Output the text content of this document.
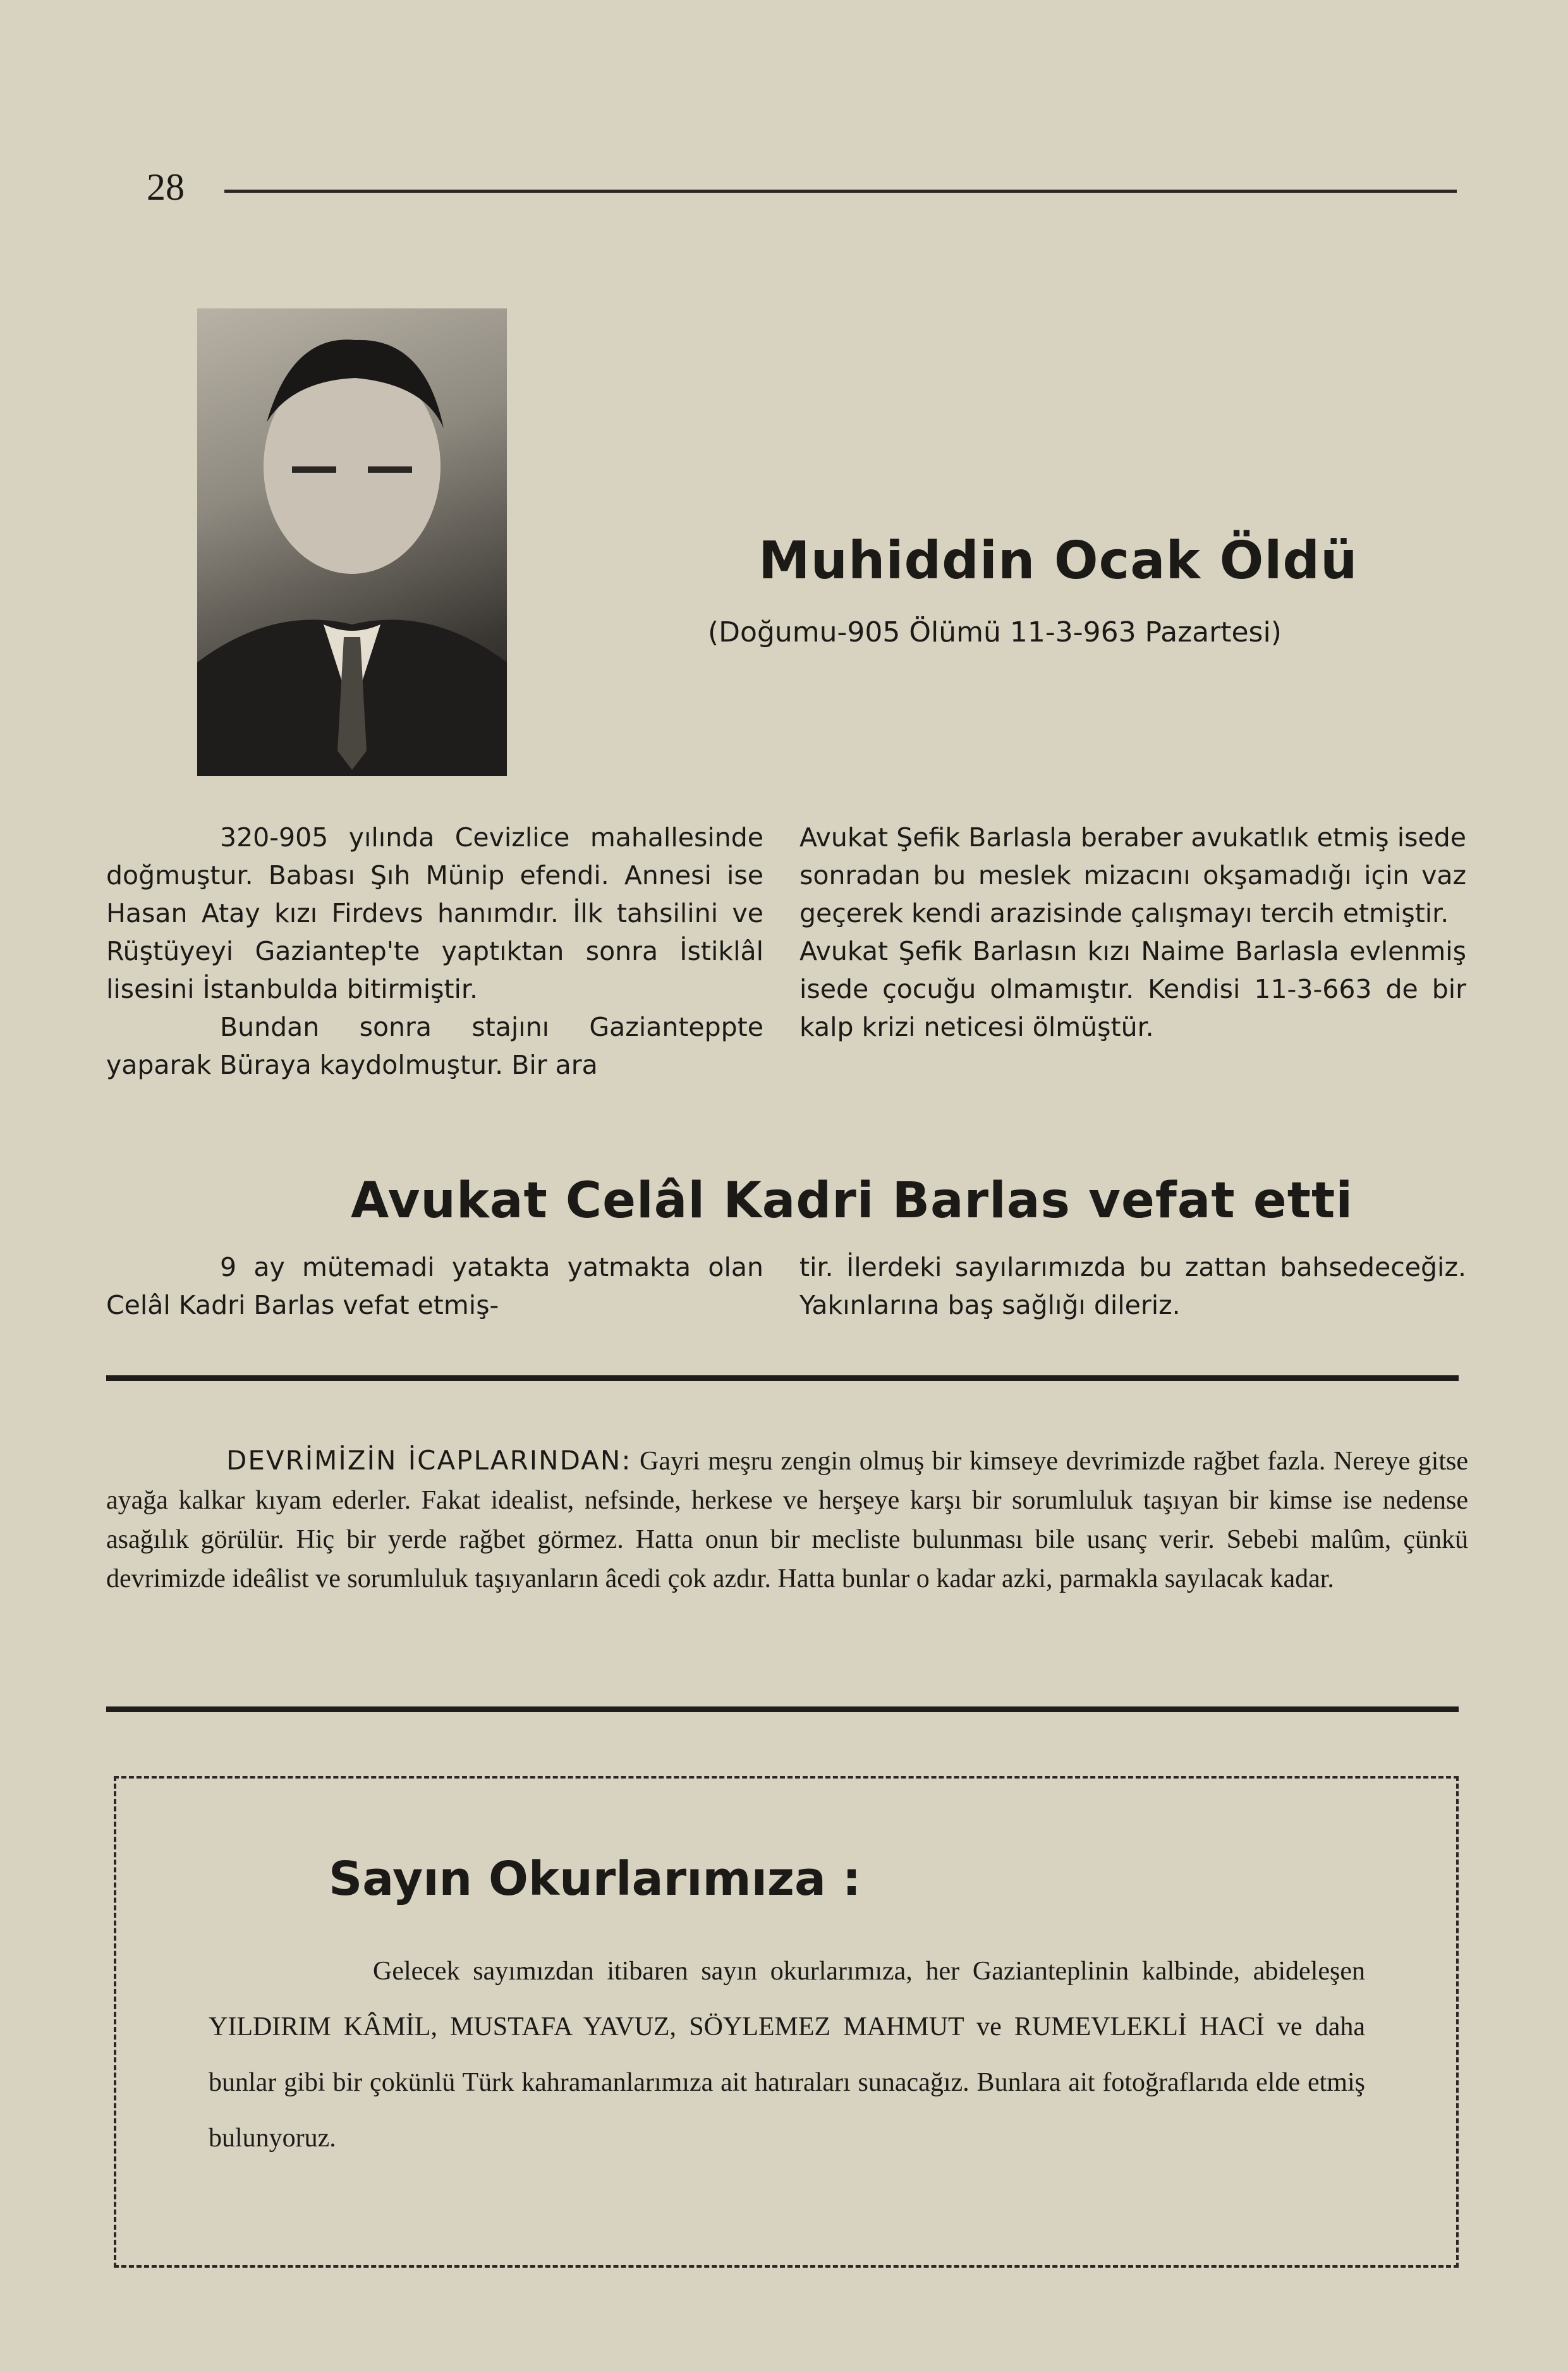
28
Muhiddin Ocak Öldü
(Doğumu-905 Ölümü 11-3-963 Pazartesi)

320-905 yılında Cevizlice mahallesinde doğmuştur. Babası Şıh Münip efendi. Annesi ise Hasan Atay kızı Firdevs hanımdır. İlk tahsilini ve Rüştüyeyi Gaziantep'te yaptıktan sonra İstiklâl lisesini İstanbulda bitirmiştir.

Bundan sonra stajını Gazianteppte yaparak Büraya kaydolmuştur. Bir ara

Avukat Şefik Barlasla beraber avukatlık etmiş isede sonradan bu meslek mizacını okşamadığı için vaz geçerek kendi arazisinde çalışmayı tercih etmiştir.

Avukat Şefik Barlasın kızı Naime Barlasla evlenmiş isede çocuğu olmamıştır. Kendisi 11-3-663 de bir kalp krizi neticesi ölmüştür.

Avukat Celâl Kadri Barlas vefat etti

9 ay mütemadi yatakta yatmakta olan Celâl Kadri Barlas vefat etmiş-

tir. İlerdeki sayılarımızda bu zattan bahsedeceğiz. Yakınlarına baş sağlığı dileriz.

DEVRİMİZİN İCAPLARINDAN: Gayri meşru zengin olmuş bir kimseye devrimizde rağbet fazla. Nereye gitse ayağa kalkar kıyam ederler. Fakat idealist, nefsinde, herkese ve herşeye karşı bir sorumluluk taşıyan bir kimse ise nedense asağılık görülür. Hiç bir yerde rağbet görmez. Hatta onun bir mecliste bulunması bile usanç verir. Sebebi malûm, çünkü devrimizde ideâlist ve sorumluluk taşıyanların âcedi çok azdır. Hatta bunlar o kadar azki, parmakla sayılacak kadar.
Sayın Okurlarımıza :
Gelecek sayımızdan itibaren sayın okurlarımıza, her Gazianteplinin kalbinde, abideleşen YILDIRIM KÂMİL, MUSTAFA YAVUZ, SÖYLEMEZ MAHMUT ve RUMEVLEKLİ HACİ ve daha bunlar gibi bir çokünlü Türk kahramanlarımıza ait hatıraları sunacağız. Bunlara ait fotoğraflarıda elde etmiş bulunyoruz.
